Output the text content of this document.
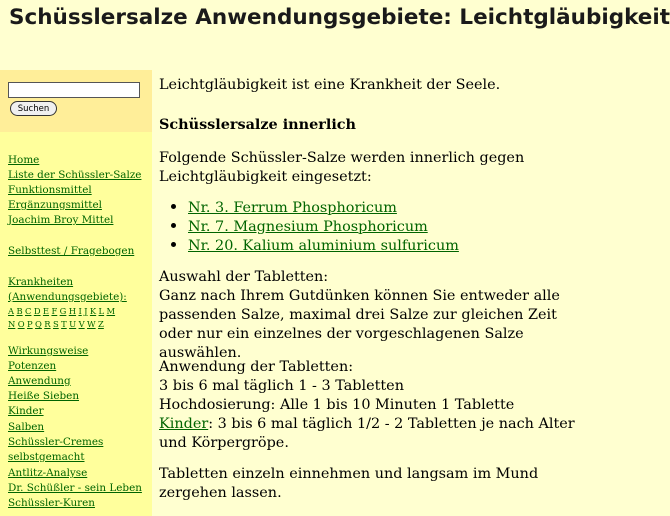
Schüsslersalze Anwendungsgebiete: Leichtgläubigkeit
Suchen
Home
Liste der Schüssler-Salze
Funktionsmittel
Ergänzungsmittel
Joachim Broy Mittel
Selbsttest / Fragebogen
Krankheiten
(Anwendungsgebiete):
A B C D E F G H I J K L M
N O P Q R S T U V W Z
Wirkungsweise
Potenzen
Anwendung
Heiße Sieben
Kinder
Salben
Schüssler-Cremes
selbstgemacht
Antlitz-Analyse
Dr. Schüßler - sein Leben
Schüssler-Kuren

Leichtgläubigkeit ist eine Krankheit der Seele.

Schüsslersalze innerlich

Folgende Schüssler-Salze werden innerlich gegen Leichtgläubigkeit eingesetzt:

Nr. 3. Ferrum Phosphoricum
Nr. 7. Magnesium Phosphoricum
Nr. 20. Kalium aluminium sulfuricum

Auswahl der Tabletten:

Ganz nach Ihrem Gutdünken können Sie entweder alle passenden Salze, maximal drei Salze zur gleichen Zeit oder nur ein einzelnes der vorgeschlagenen Salze auswählen.

Anwendung der Tabletten:

3 bis 6 mal täglich 1 - 3 Tabletten

Hochdosierung: Alle 1 bis 10 Minuten 1 Tablette

Kinder: 3 bis 6 mal täglich 1/2 - 2 Tabletten je nach Alter und Körpergröpe.

Tabletten einzeln einnehmen und langsam im Mund zergehen lassen.
